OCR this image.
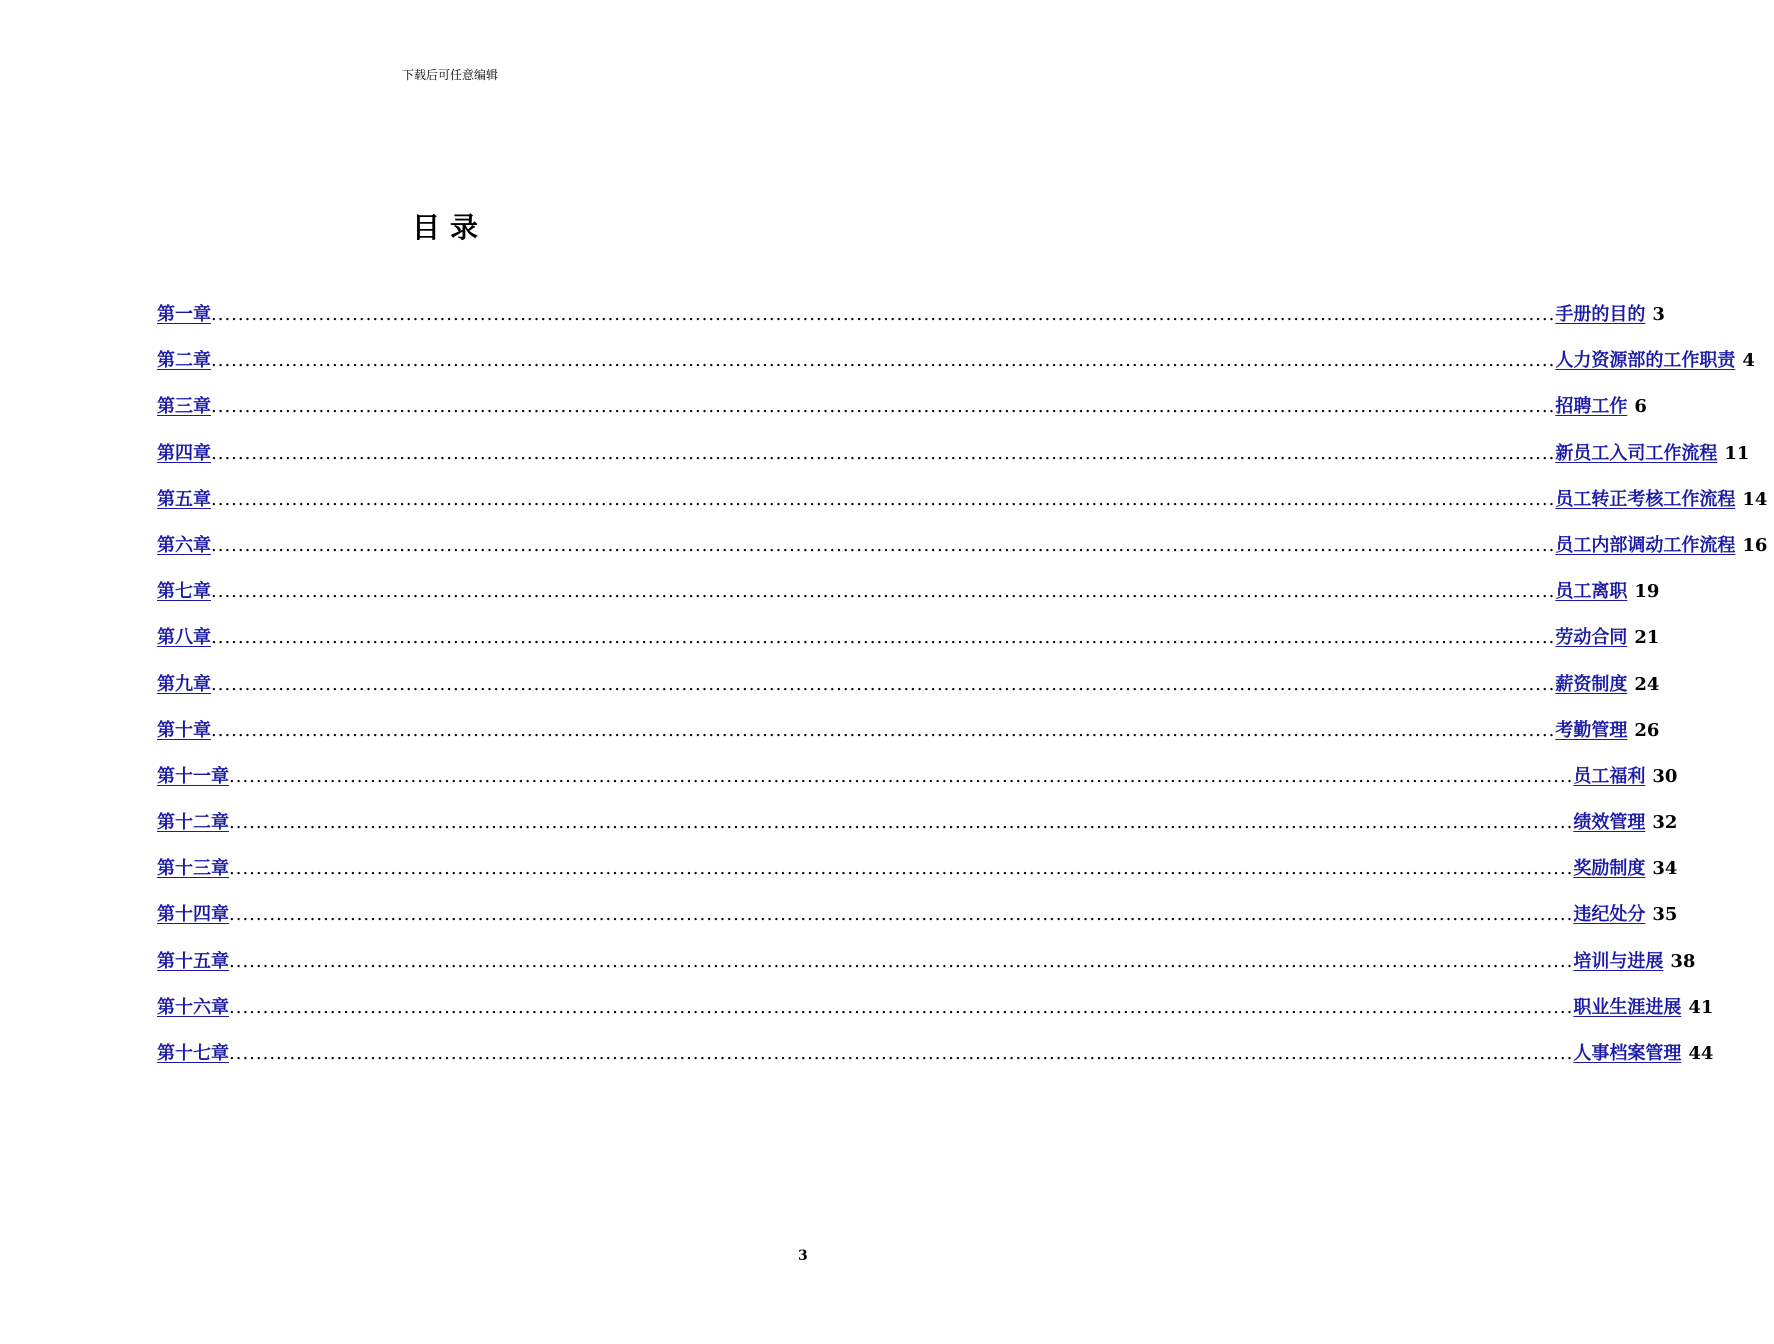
下载后可任意编辑
目录
第一章 ........................................................................................................................................................................................................ 手册的目的 3
第二章 ........................................................................................................................................................................................................ 人力资源部的工作职责 4
第三章 ........................................................................................................................................................................................................ 招聘工作 6
第四章 ........................................................................................................................................................................................................ 新员工入司工作流程 11
第五章 ........................................................................................................................................................................................................ 员工转正考核工作流程 14
第六章 ........................................................................................................................................................................................................ 员工内部调动工作流程 16
第七章 ........................................................................................................................................................................................................ 员工离职 19
第八章 ........................................................................................................................................................................................................ 劳动合同 21
第九章 ........................................................................................................................................................................................................ 薪资制度 24
第十章 ........................................................................................................................................................................................................ 考勤管理 26
第十一章 ........................................................................................................................................................................................................ 员工福利 30
第十二章 ........................................................................................................................................................................................................ 绩效管理 32
第十三章 ........................................................................................................................................................................................................ 奖励制度 34
第十四章 ........................................................................................................................................................................................................ 违纪处分 35
第十五章 ........................................................................................................................................................................................................ 培训与进展 38
第十六章 ........................................................................................................................................................................................................ 职业生涯进展 41
第十七章 ........................................................................................................................................................................................................ 人事档案管理 44
3
